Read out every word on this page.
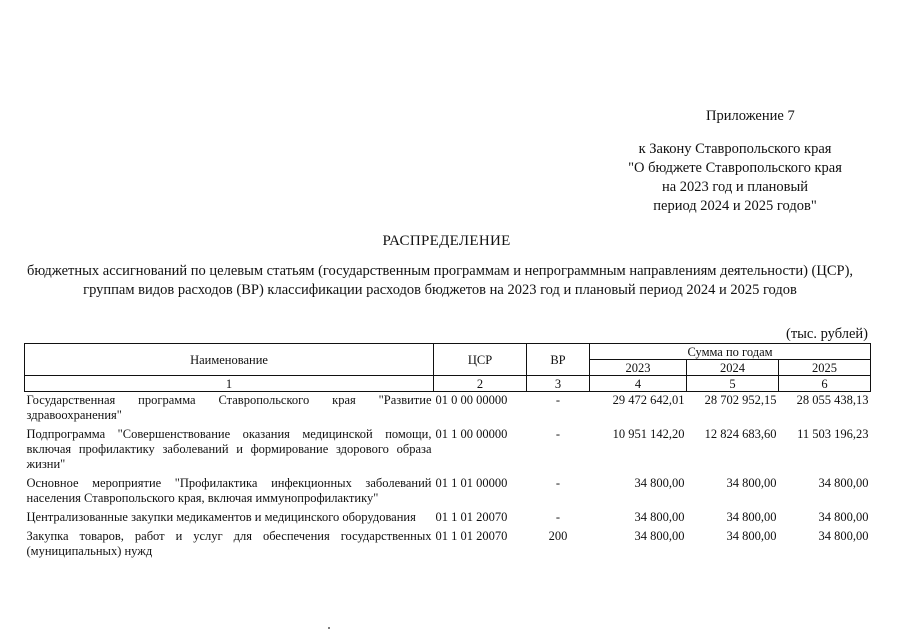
Приложение 7
к Закону Ставропольского края
"О бюджете Ставропольского края
на 2023 год и плановый
период 2024 и 2025 годов"
РАСПРЕДЕЛЕНИЕ
бюджетных ассигнований по целевым статьям (государственным программам и непрограммным направлениям деятельности) (ЦСР), группам видов расходов (ВР) классификации расходов бюджетов на 2023 год и плановый период 2024 и 2025 годов
(тыс. рублей)
Наименование	ЦСР	ВР	Сумма по годам		
			2023	2024	2025
1	2	3	4	5	6
Государственная программа Ставропольского края "Развитие здравоохранения"	01 0 00 00000	-	29 472 642,01	28 702 952,15	28 055 438,13
Подпрограмма "Совершенствование оказания медицинской помощи, включая профилактику заболеваний и формирование здорового образа жизни"	01 1 00 00000	-	10 951 142,20	12 824 683,60	11 503 196,23
Основное мероприятие "Профилактика инфекционных заболеваний населения Ставропольского края, включая иммунопрофилактику"	01 1 01 00000	-	34 800,00	34 800,00	34 800,00
Централизованные закупки медикаментов и медицинского оборудования	01 1 01 20070	-	34 800,00	34 800,00	34 800,00
Закупка товаров, работ и услуг для обеспечения государственных (муниципальных) нужд	01 1 01 20070	200	34 800,00	34 800,00	34 800,00
